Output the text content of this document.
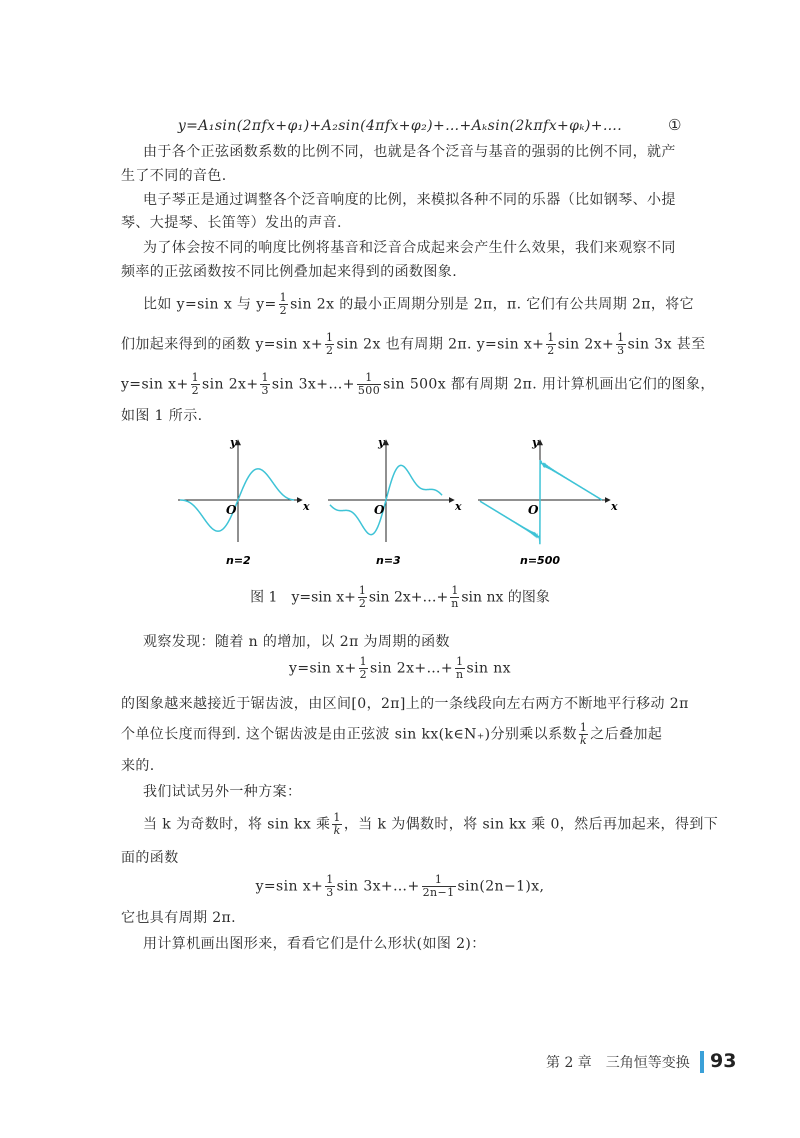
y=A₁sin(2πfx+φ₁)+A₂sin(4πfx+φ₂)+…+Aₖsin(2kπfx+φₖ)+….	①
由于各个正弦函数系数的比例不同，也就是各个泛音与基音的强弱的比例不同，就产
生了不同的音色.
电子琴正是通过调整各个泛音响度的比例，来模拟各种不同的乐器（比如钢琴、小提
琴、大提琴、长笛等）发出的声音.
为了体会按不同的响度比例将基音和泛音合成起来会产生什么效果，我们来观察不同
频率的正弦函数按不同比例叠加起来得到的函数图象.
比如 y=sin x 与 $y= \frac{1}{2}$ sin 2x 的最小正周期分别是 2π，π. 它们有公共周期 2π，将它
们加起来得到的函数 y=sin $x+ \frac{1}{2}$ sin 2x 也有周期 2π. y=sin $x+ \frac{1}{2}$ $\sin 2x+ \frac{1}{3}$ sin 3x 甚至
y=sin $x+ \frac{1}{2}$ $\sin 2x+ \frac{1}{3}$ sin 3x+…+ $\frac{1}{500}$ sin 500x 都有周期 2π. 用计算机画出它们的图象，
如图 1 所示.
y
x
O
y
x
O
y
x
O
n=2	n=3	n=500
图 1　y=sin $x+ \frac{1}{2}$ sin 2x+…+ $\frac{1}{n}$ sin nx 的图象
观察发现：随着 n 的增加，以 2π 为周期的函数
y=sin $x+ \frac{1}{2}$ sin 2x+…+ $\frac{1}{n}$ sin nx
的图象越来越接近于锯齿波，由区间[0，2π]上的一条线段向左右两方不断地平行移动 2π
个单位长度而得到. 这个锯齿波是由正弦波 sin kx(k∈N₊)分别乘以系数 $\frac{1}{k}$ 之后叠加起
来的.
我们试试另外一种方案：
当 k 为奇数时，将 sin kx 乘 $\frac{1}{k}$ ，当 k 为偶数时，将 sin kx 乘 0，然后再加起来，得到下
面的函数
y=sin $x+ \frac{1}{3}$ sin 3x+…+ $\frac{1}{2n-1} \sin(2n-1)x$,
它也具有周期 2π.
用计算机画出图形来，看看它们是什么形状(如图 2)：
第 2 章　三角恒等变换 93
